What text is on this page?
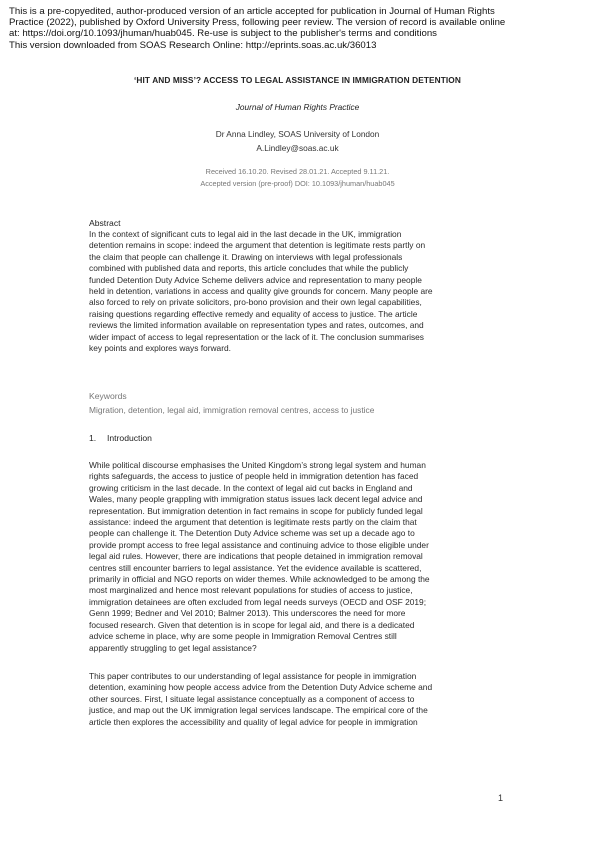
This is a pre-copyedited, author-produced version of an article accepted for publication in Journal of Human Rights
Practice (2022), published by Oxford University Press, following peer review. The version of record is available online
at: https://doi.org/10.1093/jhuman/huab045. Re-use is subject to the publisher's terms and conditions
This version downloaded from SOAS Research Online: http://eprints.soas.ac.uk/36013
‘HIT AND MISS’? ACCESS TO LEGAL ASSISTANCE IN IMMIGRATION DETENTION
Journal of Human Rights Practice
Dr Anna Lindley, SOAS University of London
A.Lindley@soas.ac.uk
Received 16.10.20. Revised 28.01.21. Accepted 9.11.21.
Accepted version (pre-proof) DOI: 10.1093/jhuman/huab045
Abstract
In the context of significant cuts to legal aid in the last decade in the UK, immigration
detention remains in scope: indeed the argument that detention is legitimate rests partly on
the claim that people can challenge it. Drawing on interviews with legal professionals
combined with published data and reports, this article concludes that while the publicly
funded Detention Duty Advice Scheme delivers advice and representation to many people
held in detention, variations in access and quality give grounds for concern. Many people are
also forced to rely on private solicitors, pro-bono provision and their own legal capabilities,
raising questions regarding effective remedy and equality of access to justice. The article
reviews the limited information available on representation types and rates, outcomes, and
wider impact of access to legal representation or the lack of it. The conclusion summarises
key points and explores ways forward.
Keywords
Migration, detention, legal aid, immigration removal centres, access to justice
1. Introduction
While political discourse emphasises the United Kingdom’s strong legal system and human
rights safeguards, the access to justice of people held in immigration detention has faced
growing criticism in the last decade. In the context of legal aid cut backs in England and
Wales, many people grappling with immigration status issues lack decent legal advice and
representation. But immigration detention in fact remains in scope for publicly funded legal
assistance: indeed the argument that detention is legitimate rests partly on the claim that
people can challenge it. The Detention Duty Advice scheme was set up a decade ago to
provide prompt access to free legal assistance and continuing advice to those eligible under
legal aid rules. However, there are indications that people detained in immigration removal
centres still encounter barriers to legal assistance. Yet the evidence available is scattered,
primarily in official and NGO reports on wider themes. While acknowledged to be among the
most marginalized and hence most relevant populations for studies of access to justice,
immigration detainees are often excluded from legal needs surveys (OECD and OSF 2019;
Genn 1999; Bedner and Vel 2010; Balmer 2013). This underscores the need for more
focused research. Given that detention is in scope for legal aid, and there is a dedicated
advice scheme in place, why are some people in Immigration Removal Centres still
apparently struggling to get legal assistance?
This paper contributes to our understanding of legal assistance for people in immigration
detention, examining how people access advice from the Detention Duty Advice scheme and
other sources. First, I situate legal assistance conceptually as a component of access to
justice, and map out the UK immigration legal services landscape. The empirical core of the
article then explores the accessibility and quality of legal advice for people in immigration
1
